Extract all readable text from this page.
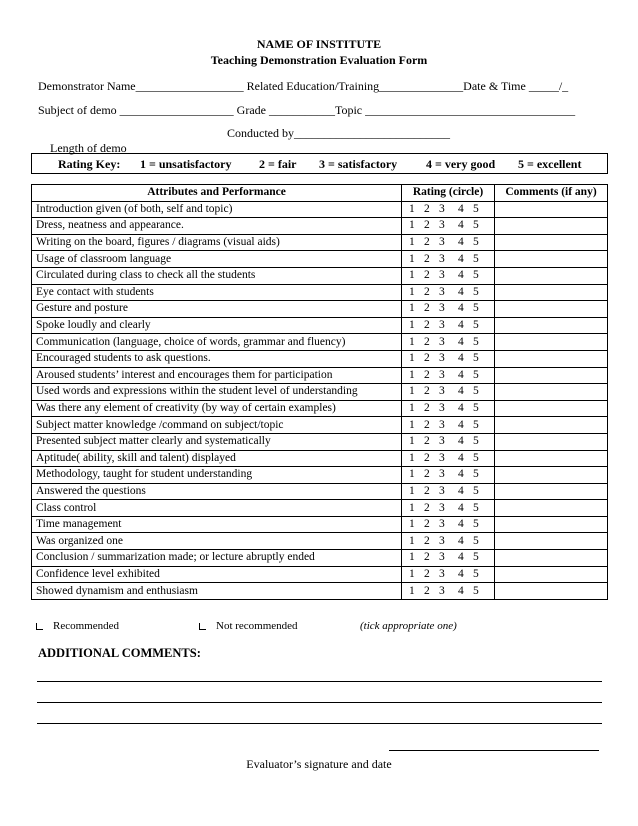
NAME OF INSTITUTE
Teaching Demonstration Evaluation Form
Demonstrator Name__________________ Related Education/Training______________Date & Time _____/_
Subject of demo ___________________ Grade ___________Topic ___________________________________

Length of demo___________

Conducted by__________________________

Rating Key: 1 = unsatisfactory 2 = fair 3 = satisfactory 4 = very good 5 = excellent
Attributes and Performance	Rating (circle)	Comments (if any)
Introduction given (of both, self and topic)	1 2 3 4 5	
Dress, neatness and appearance.	1 2 3 4 5	
Writing on the board, figures / diagrams (visual aids)	1 2 3 4 5	
Usage of classroom language	1 2 3 4 5	
Circulated during class to check all the students	1 2 3 4 5	
Eye contact with students	1 2 3 4 5	
Gesture and posture	1 2 3 4 5	
Spoke loudly and clearly	1 2 3 4 5	
Communication (language, choice of words, grammar and fluency)	1 2 3 4 5	
Encouraged students to ask questions.	1 2 3 4 5	
Aroused students’ interest and encourages them for participation	1 2 3 4 5	
Used words and expressions within the student level of understanding	1 2 3 4 5	
Was there any element of creativity (by way of certain examples)	1 2 3 4 5	
Subject matter knowledge /command on subject/topic	1 2 3 4 5	
Presented subject matter clearly and systematically	1 2 3 4 5	
Aptitude( ability, skill and talent) displayed	1 2 3 4 5	
Methodology, taught for student understanding	1 2 3 4 5	
Answered the questions	1 2 3 4 5	
Class control	1 2 3 4 5	
Time management	1 2 3 4 5	
Was organized one	1 2 3 4 5	
Conclusion / summarization made; or lecture abruptly ended	1 2 3 4 5	
Confidence level exhibited	1 2 3 4 5	
Showed dynamism and enthusiasm	1 2 3 4 5	
Recommended	Not recommended	(tick appropriate one)
ADDITIONAL COMMENTS:
Evaluator’s signature and date
